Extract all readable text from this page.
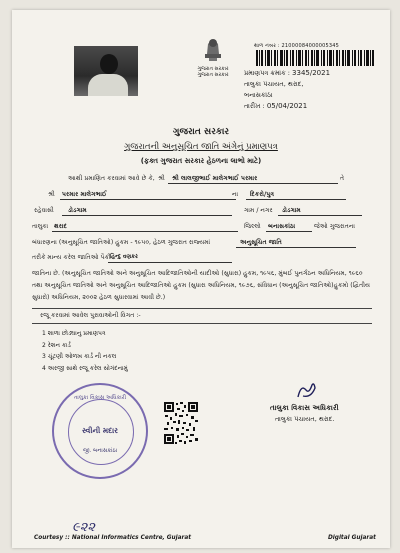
ગુજરાત સરકાર
ગુજરાત સરકાર
થાળ નંબર : 21000084000005345
પ્રમાણપત્ર ક્રમાંક : 3345/2021
તાલુકા પંચાયત, થરાદ,
બનાસકાંઠા
તારીખ : 05/04/2021
ગુજરાત સરકાર
ગુજરાતની અનુસૂચિત જાતિ અંગેનું પ્રમાણપત્ર
(ફક્ત ગુજરાત સરકાર હેઠળના લાભો માટે)
આથી પ્રમાણિત કરવામાં આવે છે કે, શ્રી શ્રી લાલજીભાઈ માલેગભાઈ પરમાર	તે
શ્રી પરમાર માલેગભાઈ	ના દિકરો/પુત્ર
રહેવાસી ડોડગામ	ગામ / નગર ડોડગામ
તાલુકા થરાદ	જિલ્લો બનાસકાંઠા	જેઓ ગુજરાતના
બંધારણના (અનુસૂચિત જાતિઓ) હુકમ - ૧૯૫૦, હેઠળ ગુજરાત રાજ્યમાં	અનુસૂચિત જાતિ
તરીકે માન્ય કરેલ જાતિઓ પૈકી હિન્દુ વણકર
જાતિના છે. (અનુસૂચિત જાતિઓ અને અનુસૂચિત આદિજાતિઓની યાદીઓ (સુધારા) હુકમ, ૧૯૫૬, મુંબઈ પુનર્ગઠન અધિનિયમ, ૧૯૬૦ તથા અનુસૂચિત જાતિઓ અને અનુસૂચિત આદિજાતિઓ હુકમ (સુધારા અધિનિયમ, ૧૯૭૬, સંવિધાન (અનુસૂચિત જાતિઓ)હુકમો (દ્વિતીય સુધારો) અધિનિયમ, ૨૦૦૨ હેઠળ સુધારવામાં આવી છે.)
રજૂ કરવામાં આવેલ પુરાવાઓની વિગત :-
1 શાળા છોડ્યાનુ પ્રમાણપત્ર
2 રેશન કાર્ડ
3 ચૂંટણી ઓળખ કાર્ડ ની નકલ
4 અરજી સાથે રજૂ કરેલ સોગંદનામું
તાલુકા વિકાસ અધિકારી
સ્વીની મદાર
જી. બનાસકાંઠા
તાલુકા વિકાસ અધિકારી
તાલુકા પંચાયત, થરાદ.
૯૨૨
Courtesy :: National Informatics Centre, Gujarat	Digital Gujarat
